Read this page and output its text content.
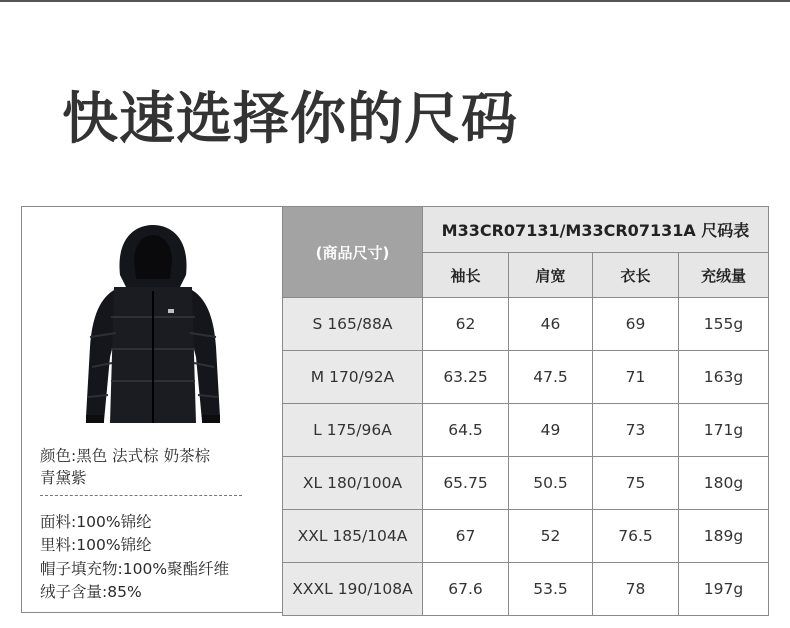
快速选择你的尺码
颜色:黑色 法式棕 奶茶棕
青黛紫
面料:100%锦纶
里料:100%锦纶
帽子填充物:100%聚酯纤维
绒子含量:85%
(商品尺寸)	M33CR07131/M33CR07131A 尺码表			
	袖长	肩宽	衣长	充绒量
S 165/88A	62	46	69	155g
M 170/92A	63.25	47.5	71	163g
L 175/96A	64.5	49	73	171g
XL 180/100A	65.75	50.5	75	180g
XXL 185/104A	67	52	76.5	189g
XXXL 190/108A	67.6	53.5	78	197g
